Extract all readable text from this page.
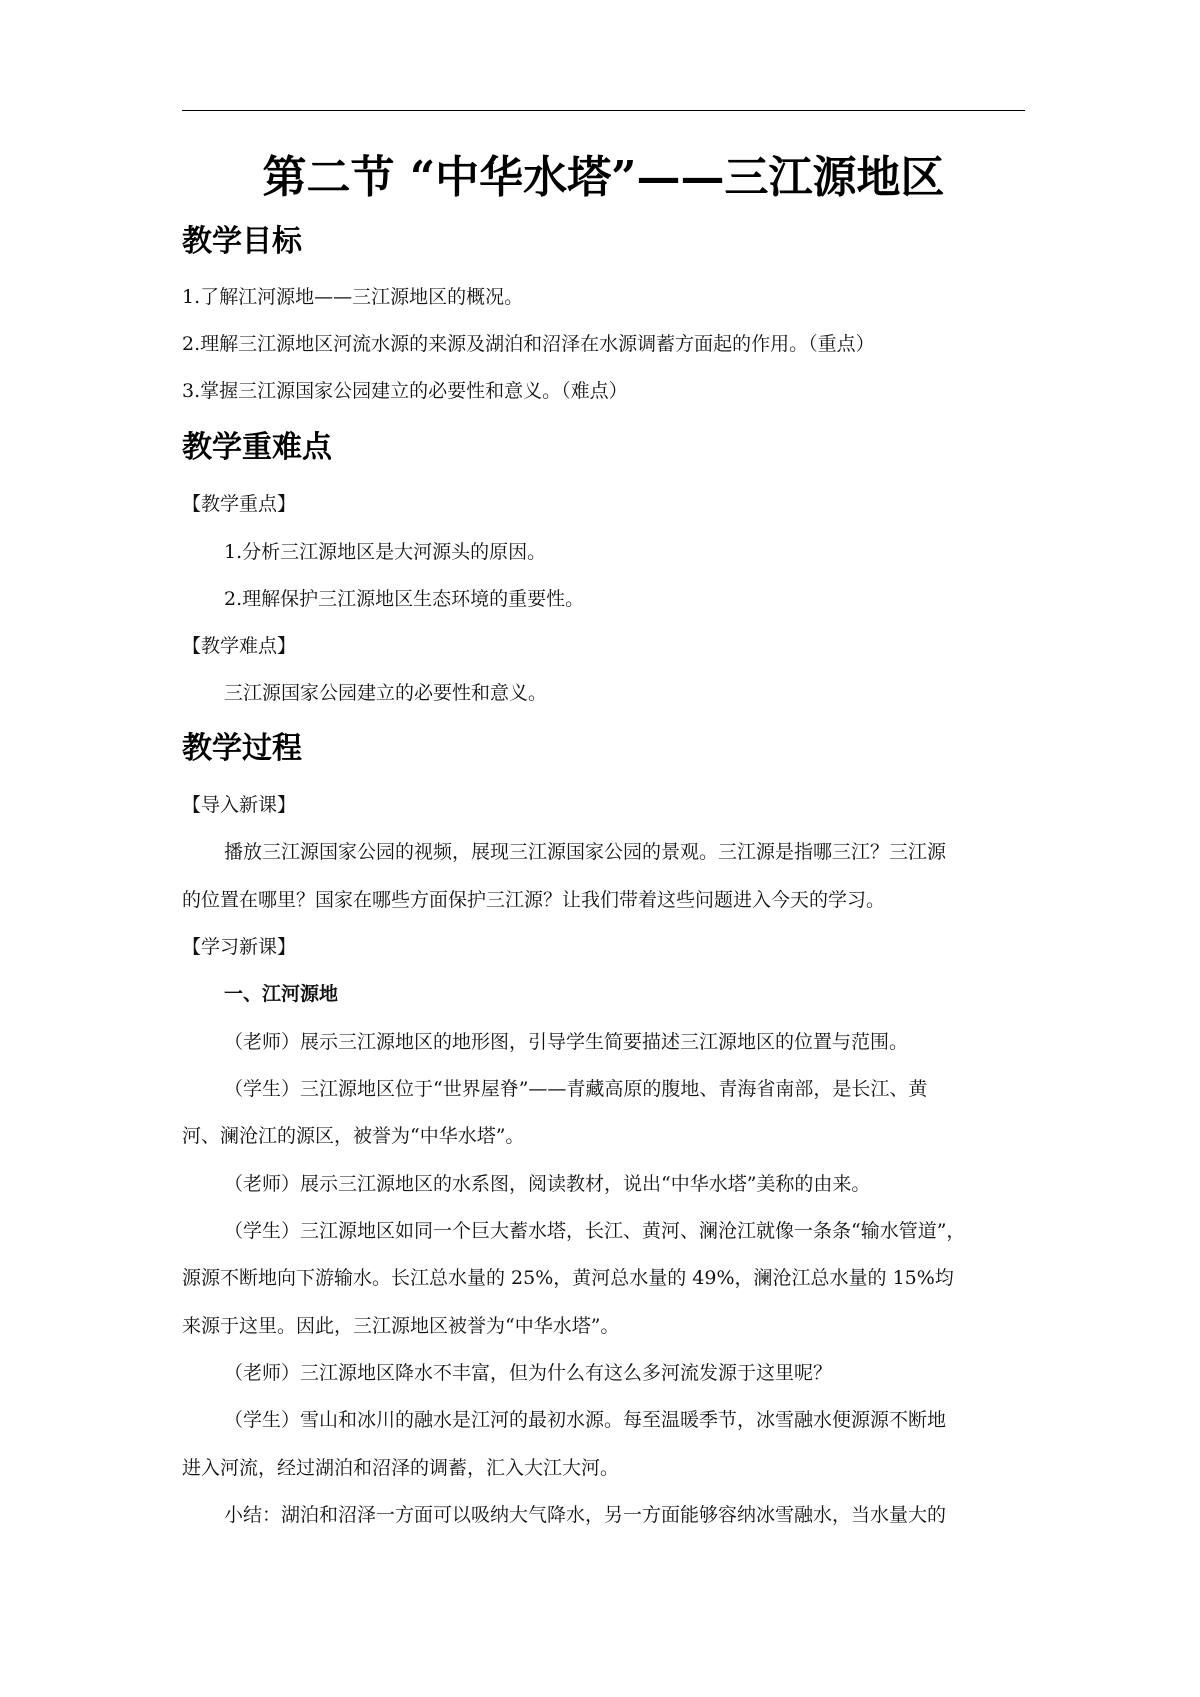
第二节 “中华水塔”——三江源地区
教学目标
1.了解江河源地——三江源地区的概况。
2.理解三江源地区河流水源的来源及湖泊和沼泽在水源调蓄方面起的作用。（重点）
3.掌握三江源国家公园建立的必要性和意义。（难点）
教学重难点
【教学重点】
1.分析三江源地区是大河源头的原因。
2.理解保护三江源地区生态环境的重要性。
【教学难点】
三江源国家公园建立的必要性和意义。
教学过程
【导入新课】
播放三江源国家公园的视频，展现三江源国家公园的景观。三江源是指哪三江？三江源
的位置在哪里？国家在哪些方面保护三江源？让我们带着这些问题进入今天的学习。
【学习新课】
一、江河源地
（老师）展示三江源地区的地形图，引导学生简要描述三江源地区的位置与范围。
（学生）三江源地区位于“世界屋脊”——青藏高原的腹地、青海省南部，是长江、黄
河、澜沧江的源区，被誉为“中华水塔”。
（老师）展示三江源地区的水系图，阅读教材，说出“中华水塔”美称的由来。
（学生）三江源地区如同一个巨大蓄水塔，长江、黄河、澜沧江就像一条条“输水管道”，
源源不断地向下游输水。长江总水量的 25%，黄河总水量的 49%，澜沧江总水量的 15%均
来源于这里。因此，三江源地区被誉为“中华水塔”。
（老师）三江源地区降水不丰富，但为什么有这么多河流发源于这里呢？
（学生）雪山和冰川的融水是江河的最初水源。每至温暖季节，冰雪融水便源源不断地
进入河流，经过湖泊和沼泽的调蓄，汇入大江大河。
小结：湖泊和沼泽一方面可以吸纳大气降水，另一方面能够容纳冰雪融水，当水量大的
